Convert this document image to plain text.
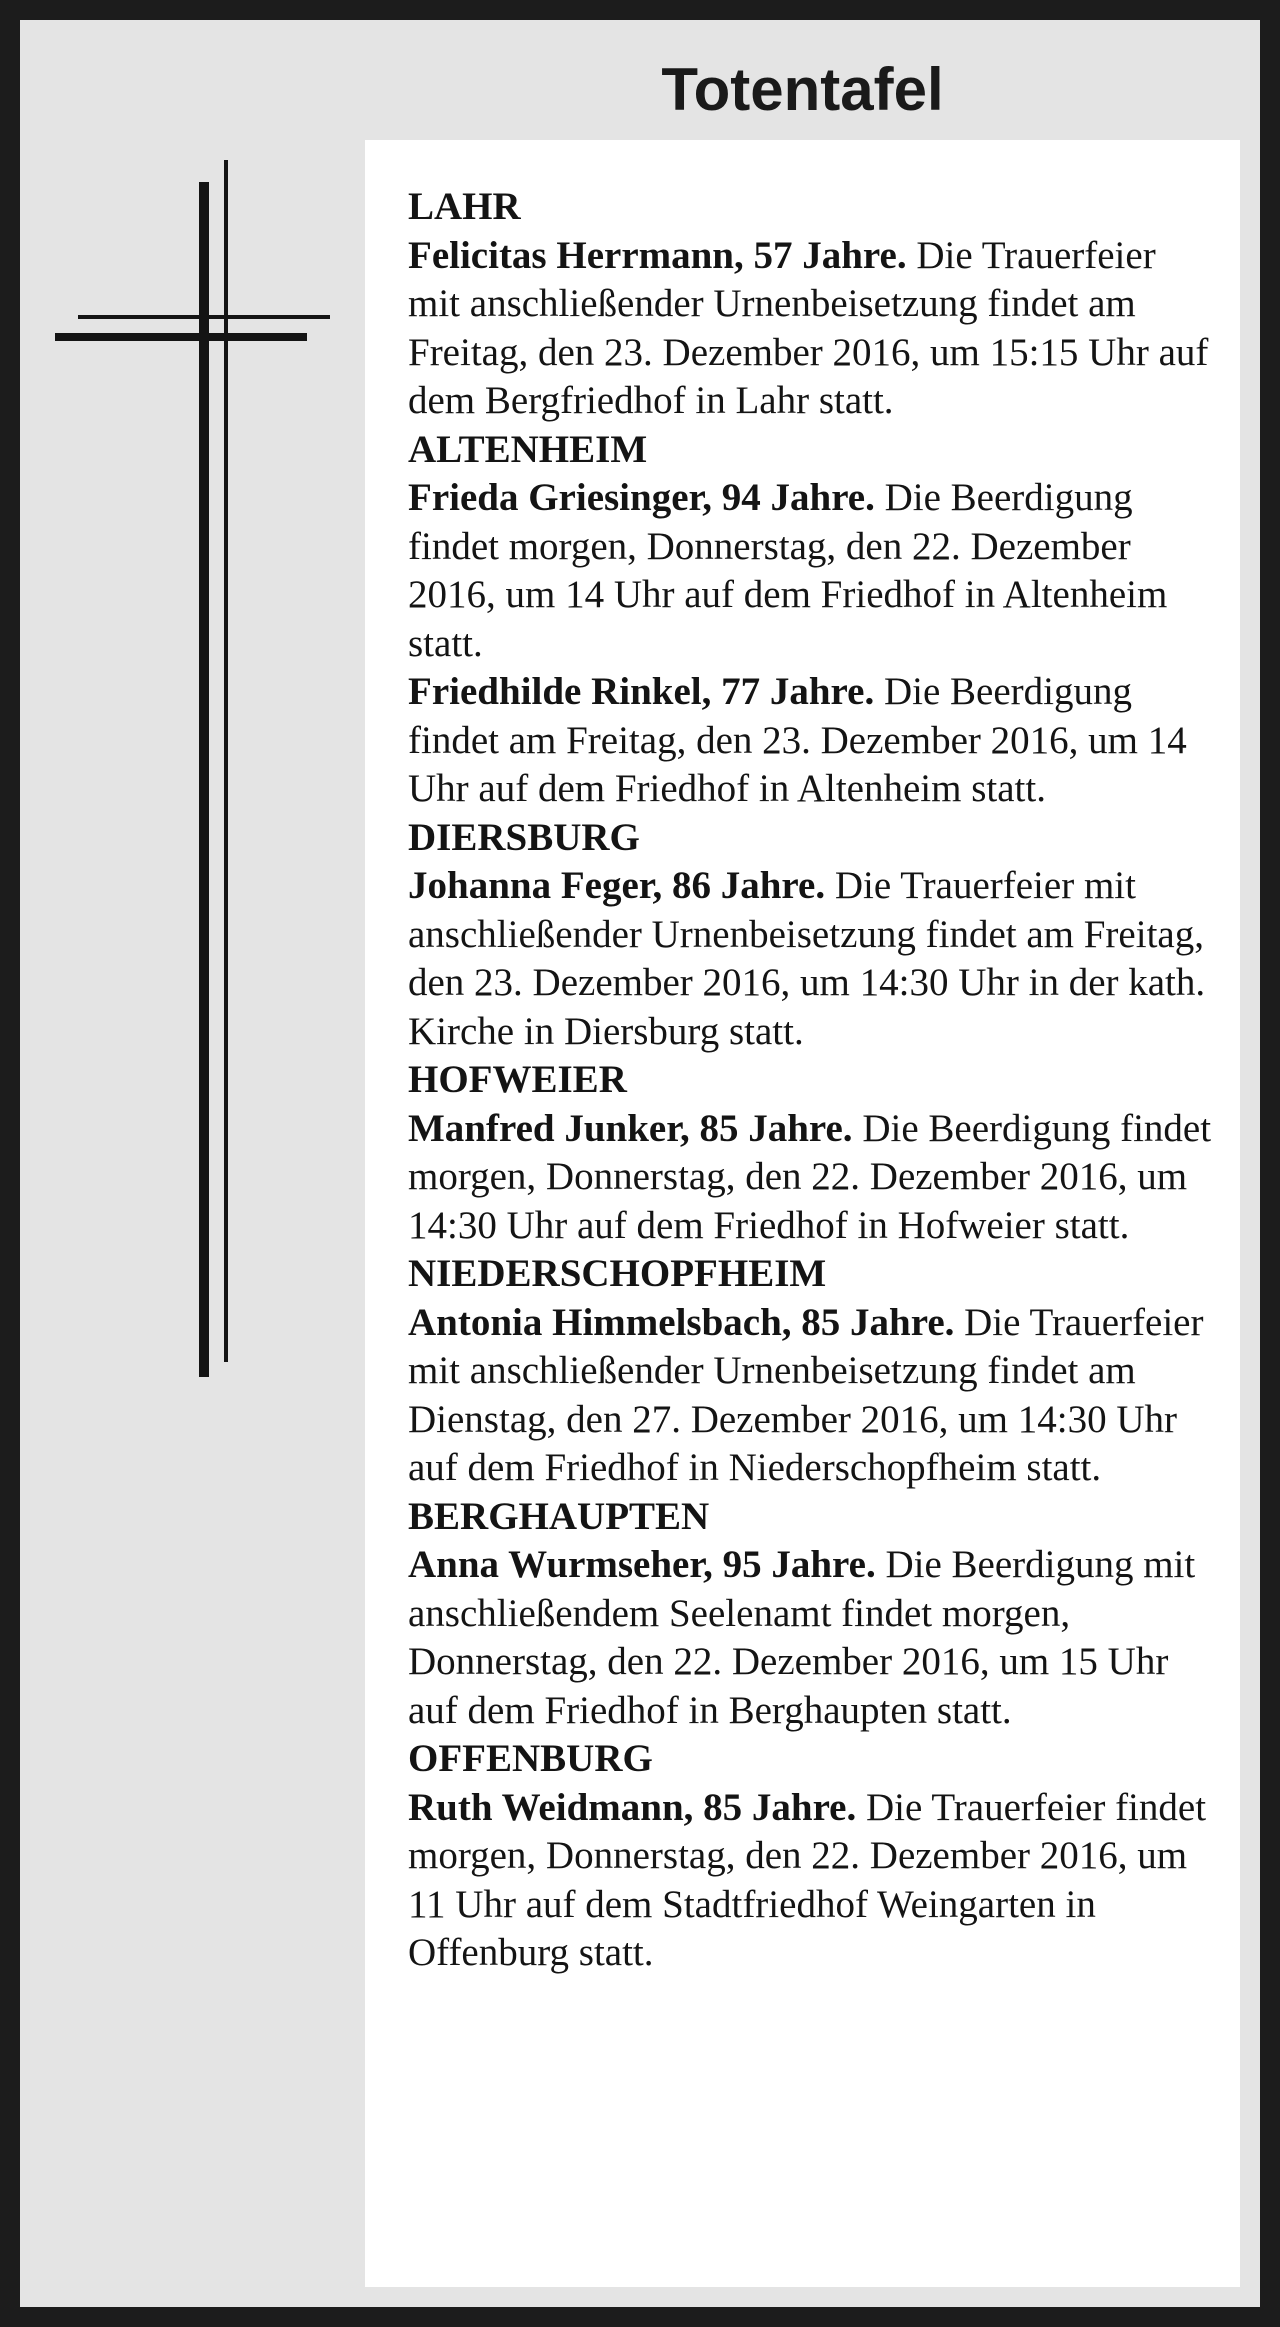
Totentafel
LAHR

Felicitas Herrmann, 57 Jahre. Die Trauerfeier mit anschließender Urnenbeisetzung findet am Freitag, den 23. Dezember 2016, um 15:15 Uhr auf dem Bergfriedhof in Lahr statt.

ALTENHEIM

Frieda Griesinger, 94 Jahre. Die Beerdigung findet morgen, Donnerstag, den 22. Dezember 2016, um 14 Uhr auf dem Friedhof in Altenheim statt.

Friedhilde Rinkel, 77 Jahre. Die Beerdigung findet am Freitag, den 23. Dezember 2016, um 14 Uhr auf dem Friedhof in Altenheim statt.

DIERSBURG

Johanna Feger, 86 Jahre. Die Trauerfeier mit anschließender Urnenbeisetzung findet am Freitag, den 23. Dezember 2016, um 14:30 Uhr in der kath. Kirche in Diersburg statt.

HOFWEIER

Manfred Junker, 85 Jahre. Die Beerdigung findet morgen, Donnerstag, den 22. Dezember 2016, um 14:30 Uhr auf dem Friedhof in Hofweier statt.

NIEDERSCHOPFHEIM

Antonia Himmelsbach, 85 Jahre. Die Trauerfeier mit anschließender Urnenbeisetzung findet am Dienstag, den 27. Dezember 2016, um 14:30 Uhr auf dem Friedhof in Niederschopfheim statt.

BERGHAUPTEN

Anna Wurmseher, 95 Jahre. Die Beerdigung mit anschließendem Seelenamt findet morgen, Donnerstag, den 22. Dezember 2016, um 15 Uhr auf dem Friedhof in Berghaupten statt.

OFFENBURG

Ruth Weidmann, 85 Jahre. Die Trauerfeier findet morgen, Donnerstag, den 22. Dezember 2016, um 11 Uhr auf dem Stadtfriedhof Weingarten in Offenburg statt.
